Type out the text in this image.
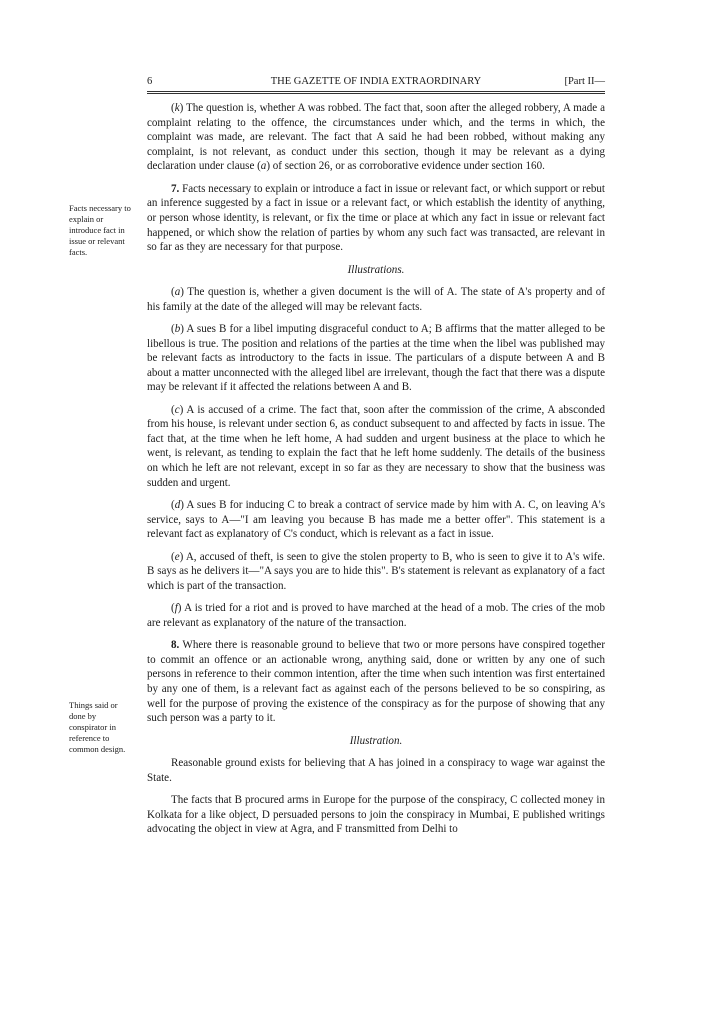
6	THE GAZETTE OF INDIA EXTRAORDINARY	[Part II—
Facts necessary to explain or introduce fact in issue or relevant facts.
Things said or done by conspirator in reference to common design.

(k) The question is, whether A was robbed. The fact that, soon after the alleged robbery, A made a complaint relating to the offence, the circumstances under which, and the terms in which, the complaint was made, are relevant. The fact that A said he had been robbed, without making any complaint, is not relevant, as conduct under this section, though it may be relevant as a dying declaration under clause (a) of section 26, or as corroborative evidence under section 160.

7. Facts necessary to explain or introduce a fact in issue or relevant fact, or which support or rebut an inference suggested by a fact in issue or a relevant fact, or which establish the identity of anything, or person whose identity, is relevant, or fix the time or place at which any fact in issue or relevant fact happened, or which show the relation of parties by whom any such fact was transacted, are relevant in so far as they are necessary for that purpose.

Illustrations.

(a) The question is, whether a given document is the will of A. The state of A's property and of his family at the date of the alleged will may be relevant facts.

(b) A sues B for a libel imputing disgraceful conduct to A; B affirms that the matter alleged to be libellous is true. The position and relations of the parties at the time when the libel was published may be relevant facts as introductory to the facts in issue. The particulars of a dispute between A and B about a matter unconnected with the alleged libel are irrelevant, though the fact that there was a dispute may be relevant if it affected the relations between A and B.

(c) A is accused of a crime. The fact that, soon after the commission of the crime, A absconded from his house, is relevant under section 6, as conduct subsequent to and affected by facts in issue. The fact that, at the time when he left home, A had sudden and urgent business at the place to which he went, is relevant, as tending to explain the fact that he left home suddenly. The details of the business on which he left are not relevant, except in so far as they are necessary to show that the business was sudden and urgent.

(d) A sues B for inducing C to break a contract of service made by him with A. C, on leaving A's service, says to A—"I am leaving you because B has made me a better offer". This statement is a relevant fact as explanatory of C's conduct, which is relevant as a fact in issue.

(e) A, accused of theft, is seen to give the stolen property to B, who is seen to give it to A's wife. B says as he delivers it—"A says you are to hide this". B's statement is relevant as explanatory of a fact which is part of the transaction.

(f) A is tried for a riot and is proved to have marched at the head of a mob. The cries of the mob are relevant as explanatory of the nature of the transaction.

8. Where there is reasonable ground to believe that two or more persons have conspired together to commit an offence or an actionable wrong, anything said, done or written by any one of such persons in reference to their common intention, after the time when such intention was first entertained by any one of them, is a relevant fact as against each of the persons believed to be so conspiring, as well for the purpose of proving the existence of the conspiracy as for the purpose of showing that any such person was a party to it.

Illustration.

Reasonable ground exists for believing that A has joined in a conspiracy to wage war against the State.

The facts that B procured arms in Europe for the purpose of the conspiracy, C collected money in Kolkata for a like object, D persuaded persons to join the conspiracy in Mumbai, E published writings advocating the object in view at Agra, and F transmitted from Delhi to
